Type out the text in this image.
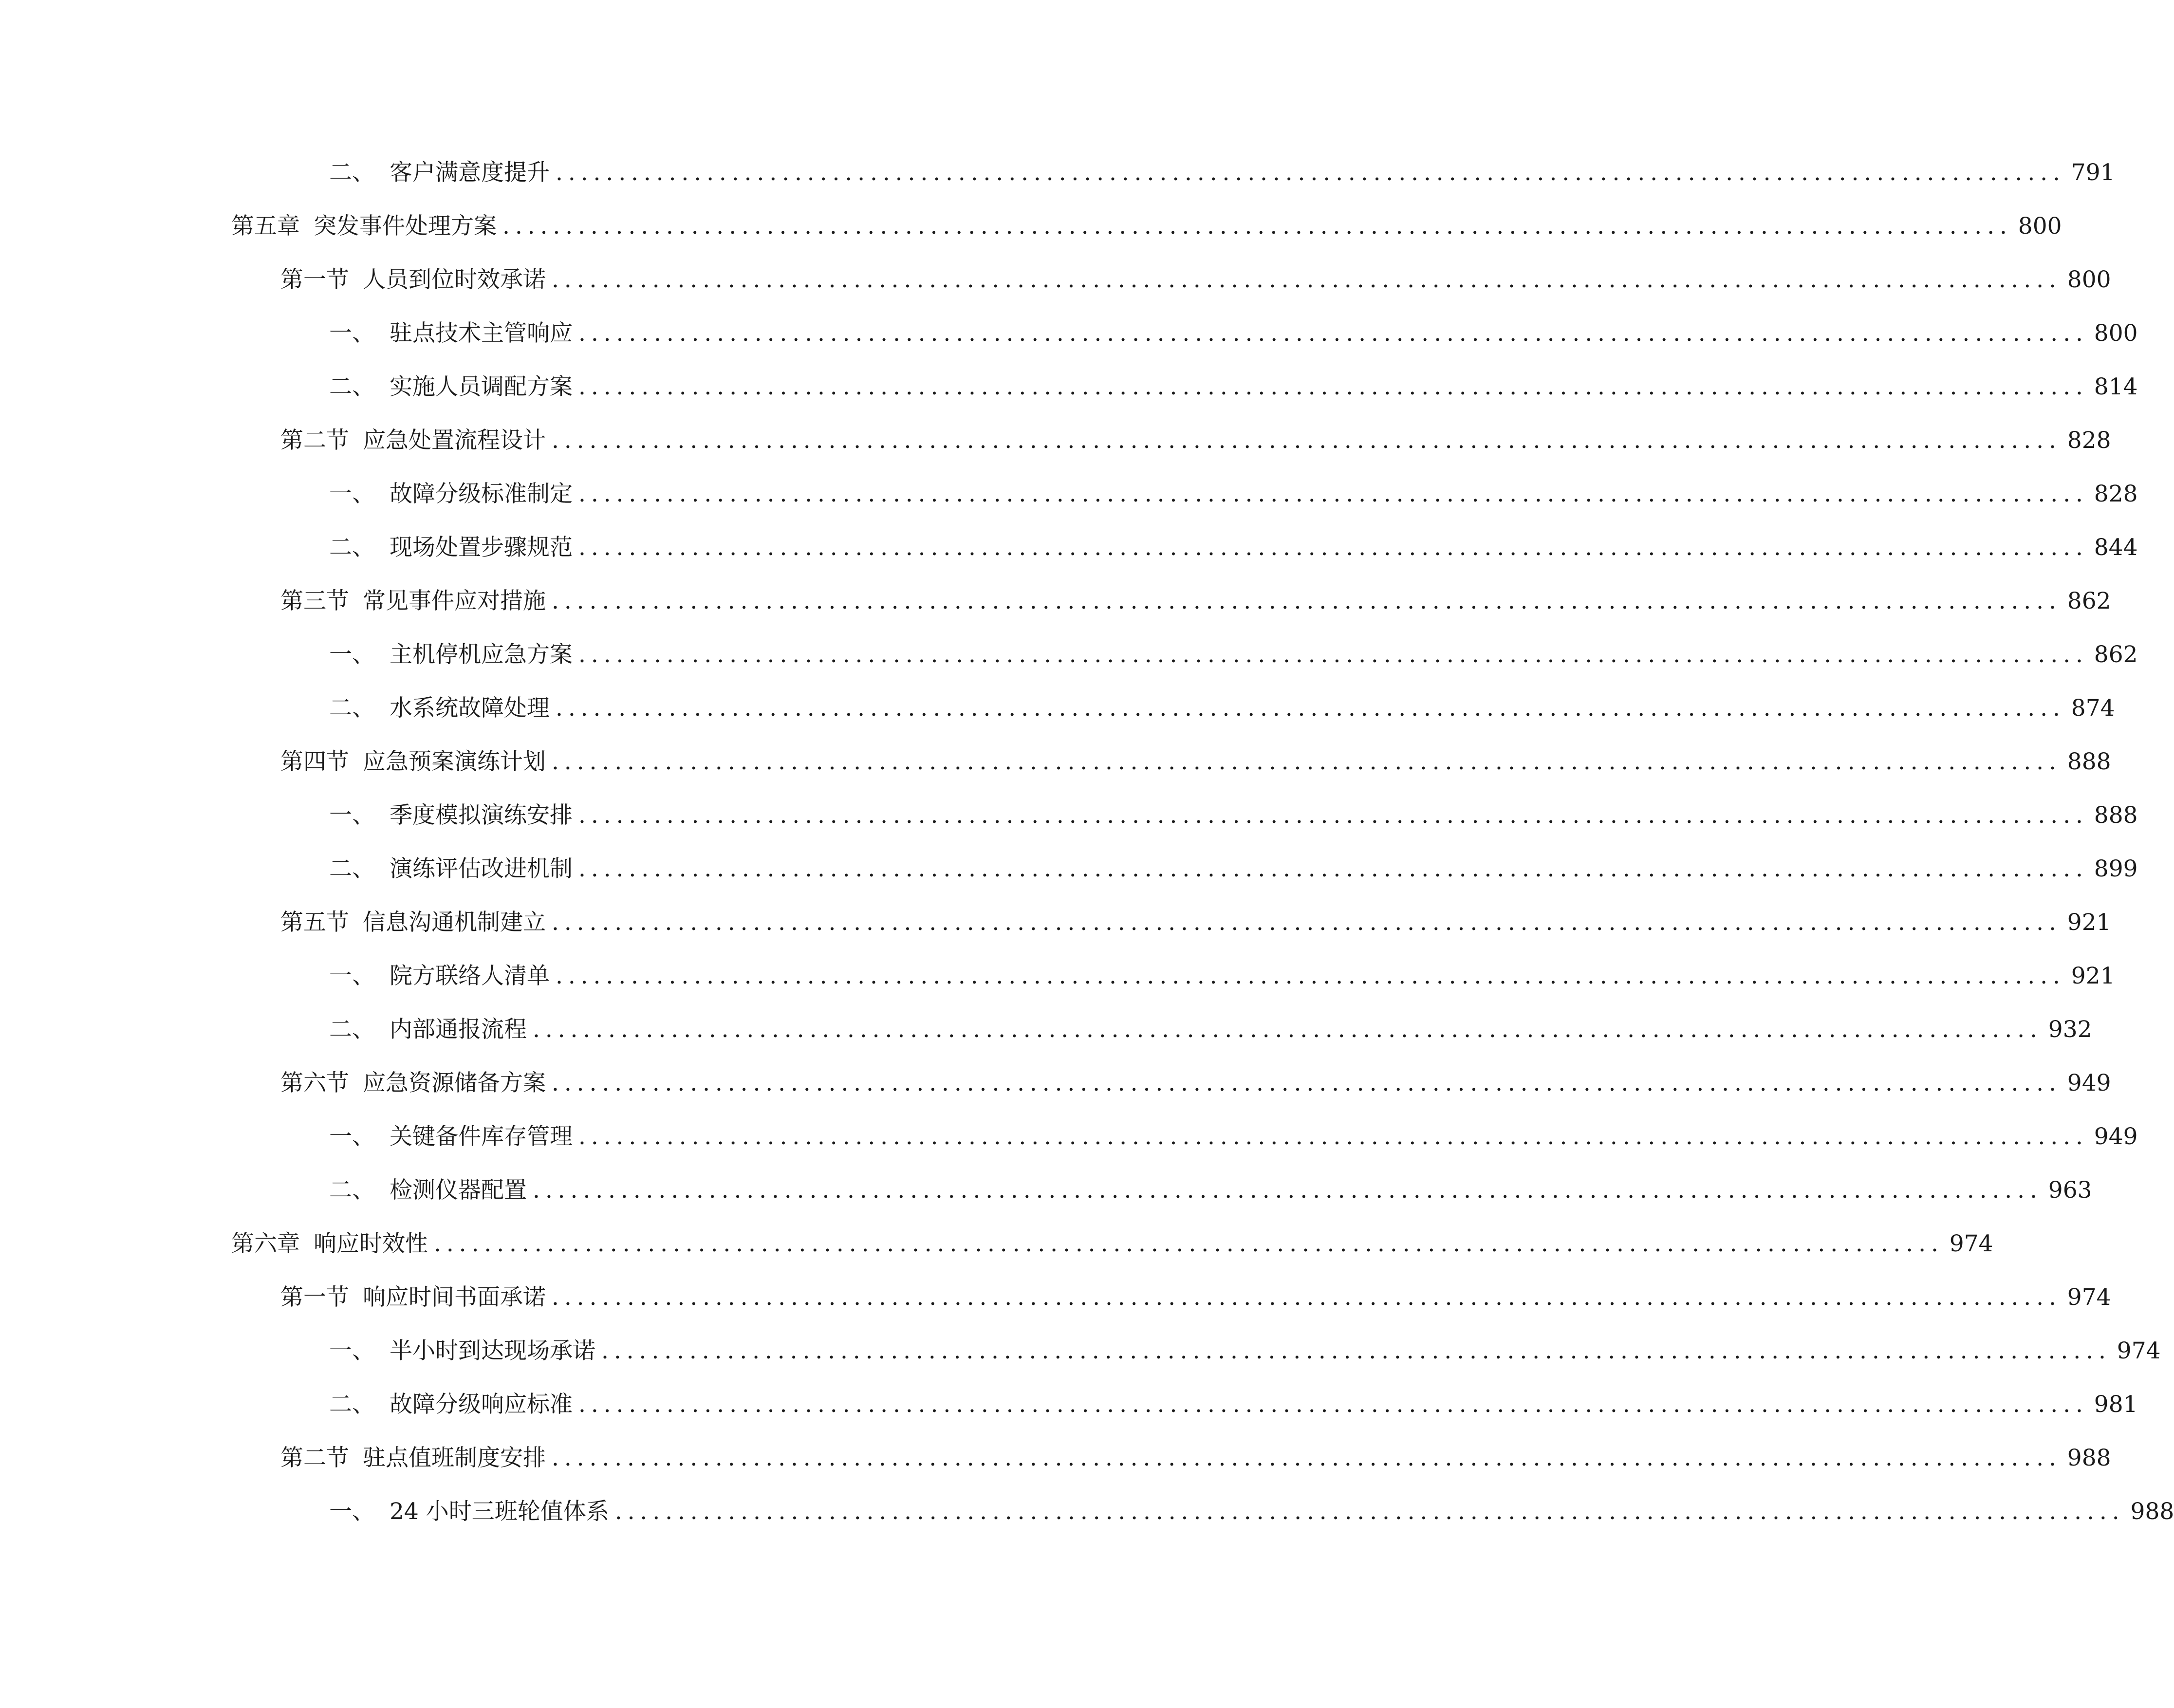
二、 客户满意度提升 ........................................................................................................................ 791
第五章 突发事件处理方案 ........................................................................................................................ 800
第一节 人员到位时效承诺 ........................................................................................................................ 800
一、 驻点技术主管响应 ........................................................................................................................ 800
二、 实施人员调配方案 ........................................................................................................................ 814
第二节 应急处置流程设计 ........................................................................................................................ 828
一、 故障分级标准制定 ........................................................................................................................ 828
二、 现场处置步骤规范 ........................................................................................................................ 844
第三节 常见事件应对措施 ........................................................................................................................ 862
一、 主机停机应急方案 ........................................................................................................................ 862
二、 水系统故障处理 ........................................................................................................................ 874
第四节 应急预案演练计划 ........................................................................................................................ 888
一、 季度模拟演练安排 ........................................................................................................................ 888
二、 演练评估改进机制 ........................................................................................................................ 899
第五节 信息沟通机制建立 ........................................................................................................................ 921
一、 院方联络人清单 ........................................................................................................................ 921
二、 内部通报流程 ........................................................................................................................ 932
第六节 应急资源储备方案 ........................................................................................................................ 949
一、 关键备件库存管理 ........................................................................................................................ 949
二、 检测仪器配置 ........................................................................................................................ 963
第六章 响应时效性 ........................................................................................................................ 974
第一节 响应时间书面承诺 ........................................................................................................................ 974
一、 半小时到达现场承诺 ........................................................................................................................ 974
二、 故障分级响应标准 ........................................................................................................................ 981
第二节 驻点值班制度安排 ........................................................................................................................ 988
一、 24 小时三班轮值体系 ........................................................................................................................ 988
